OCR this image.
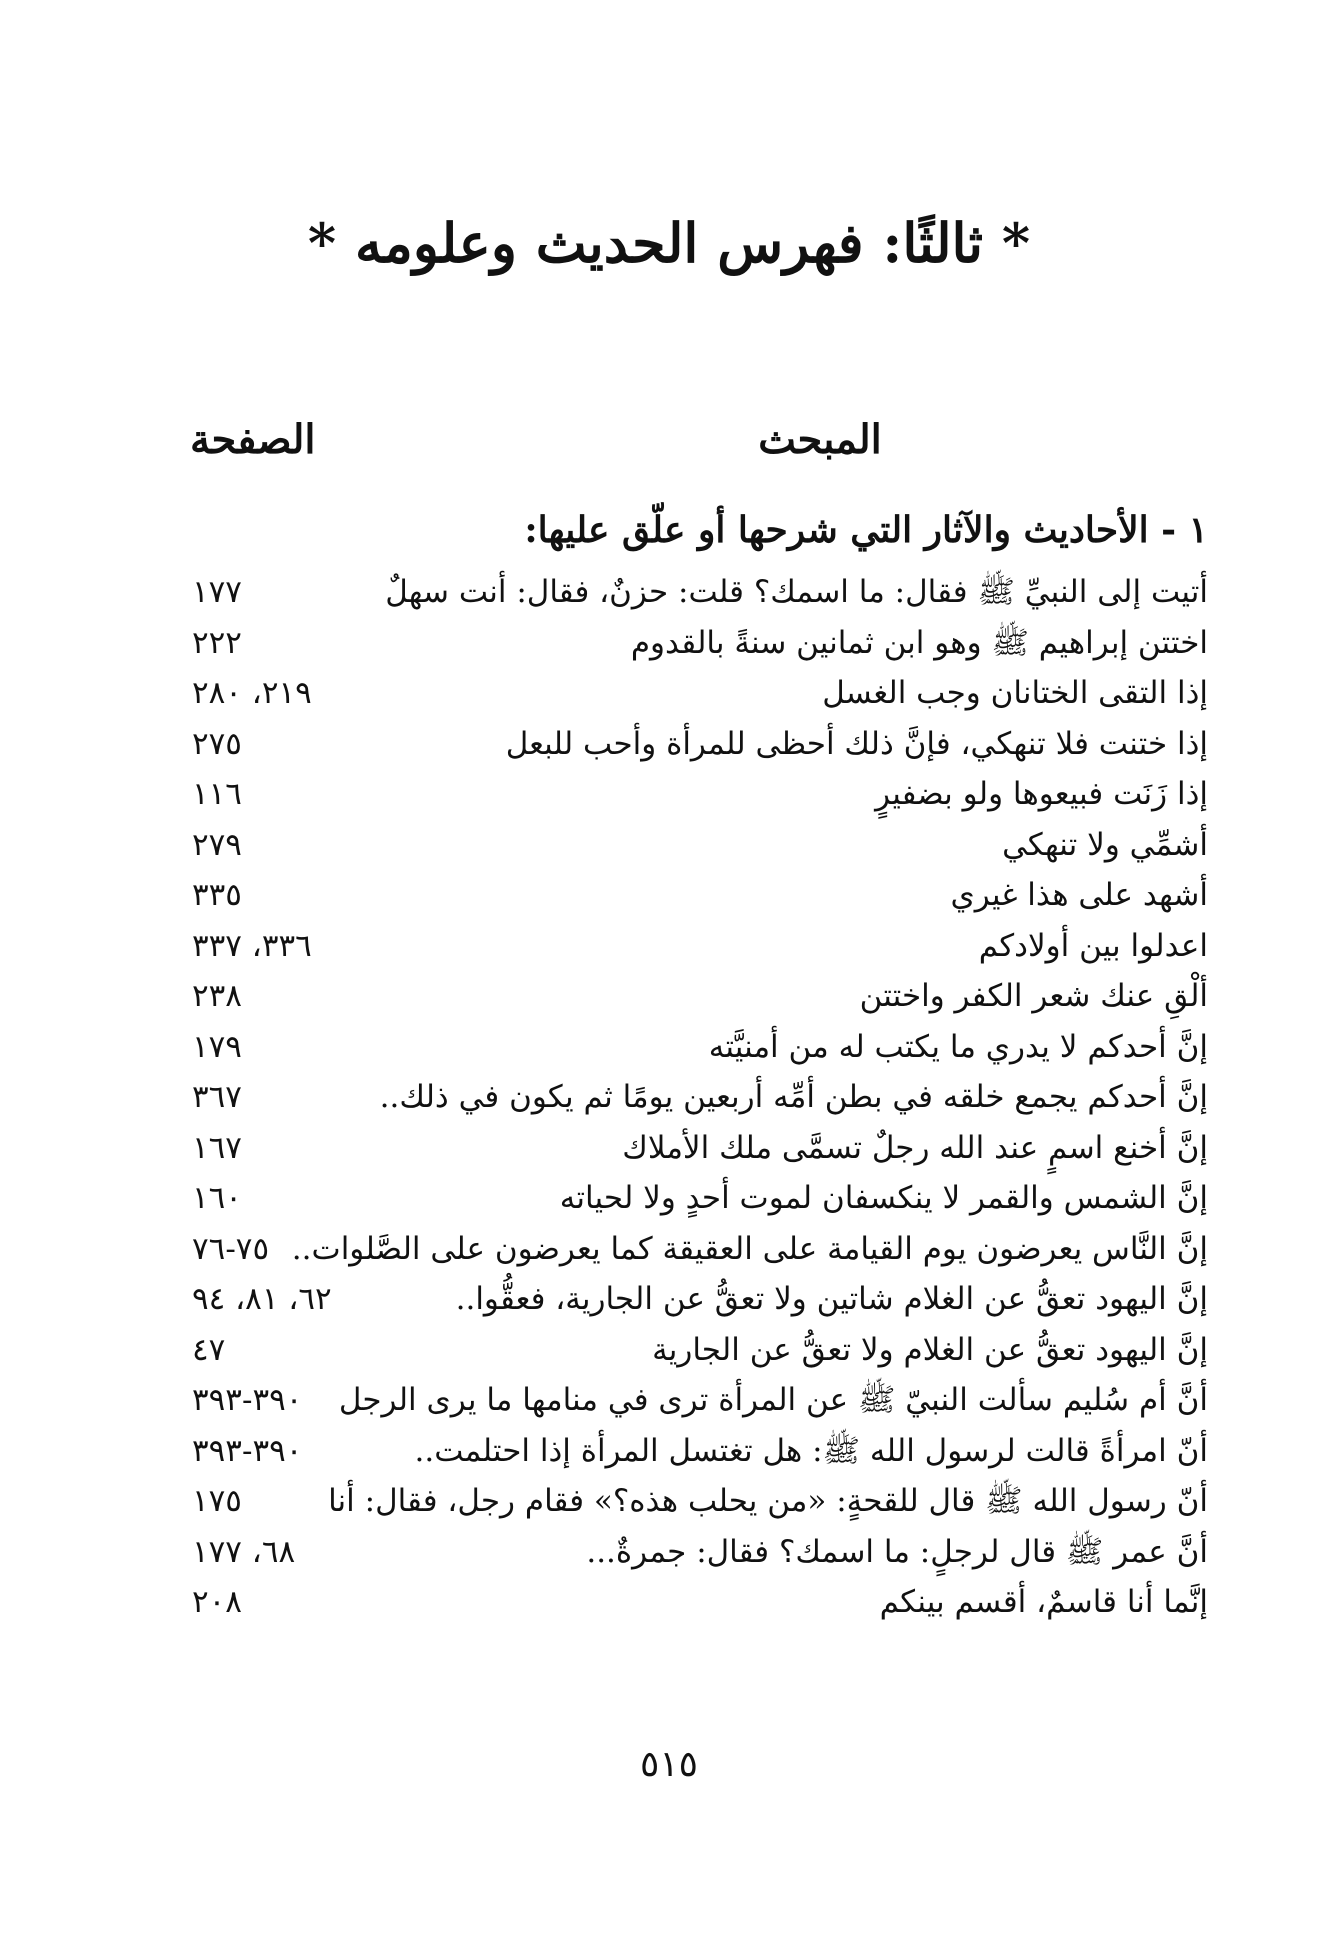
* ثالثًا: فهرس الحديث وعلومه *
المبحث
الصفحة
١ - الأحاديث والآثار التي شرحها أو علّق عليها:
أتيت إلى النبيِّ ﷺ فقال: ما اسمك؟ قلت: حزنٌ، فقال: أنت سهلٌ
١٧٧
اختتن إبراهيم ﷺ وهو ابن ثمانين سنةً بالقدوم
٢٢٢
إذا التقى الختانان وجب الغسل
٢١٩، ٢٨٠
إذا ختنت فلا تنهكي، فإنَّ ذلك أحظى للمرأة وأحب للبعل
٢٧٥
إذا زَنَت فبيعوها ولو بضفيرٍ
١١٦
أشمِّي ولا تنهكي
٢٧٩
أشهد على هذا غيري
٣٣٥
اعدلوا بين أولادكم
٣٣٦، ٣٣٧
ألْقِ عنك شعر الكفر واختتن
٢٣٨
إنَّ أحدكم لا يدري ما يكتب له من أمنيَّته
١٧٩
إنَّ أحدكم يجمع خلقه في بطن أمِّه أربعين يومًا ثم يكون في ذلك..
٣٦٧
إنَّ أخنع اسمٍ عند الله رجلٌ تسمَّى ملك الأملاك
١٦٧
إنَّ الشمس والقمر لا ينكسفان لموت أحدٍ ولا لحياته
١٦٠
إنَّ النَّاس يعرضون يوم القيامة على العقيقة كما يعرضون على الصَّلوات..
٧٥-٧٦
إنَّ اليهود تعقُّ عن الغلام شاتين ولا تعقُّ عن الجارية، فعقُّوا..
٦٢، ٨١، ٩٤
إنَّ اليهود تعقُّ عن الغلام ولا تعقُّ عن الجارية
٤٧
أنَّ أم سُليم سألت النبيّ ﷺ عن المرأة ترى في منامها ما يرى الرجل
٣٩٠-٣٩٣
أنّ امرأةً قالت لرسول الله ﷺ: هل تغتسل المرأة إذا احتلمت..
٣٩٠-٣٩٣
أنّ رسول الله ﷺ قال للقحةٍ: «من يحلب هذه؟» فقام رجل، فقال: أنا
١٧٥
أنَّ عمر ﷺ قال لرجلٍ: ما اسمك؟ فقال: جمرةٌ...
٦٨، ١٧٧
إنَّما أنا قاسمٌ، أقسم بينكم
٢٠٨
٥١٥
